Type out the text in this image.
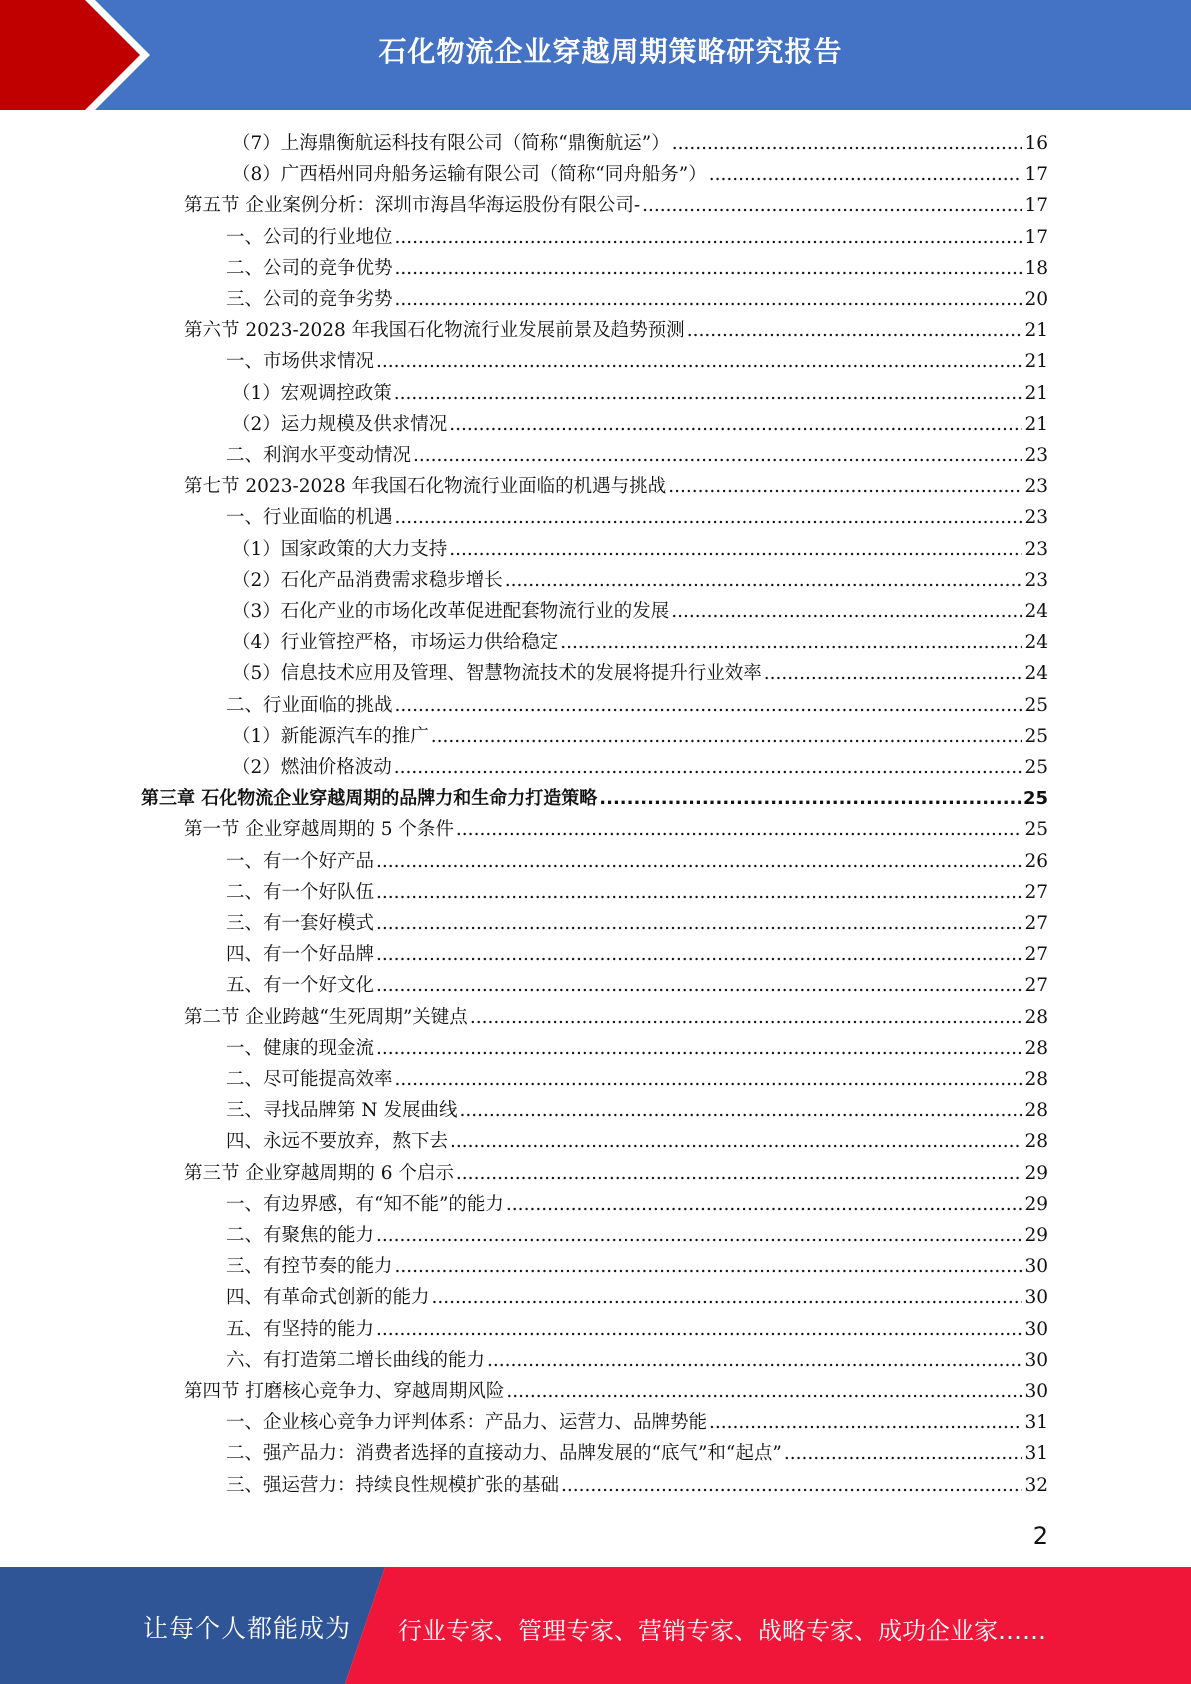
石化物流企业穿越周期策略研究报告
（7）上海鼎衡航运科技有限公司（简称“鼎衡航运”） .....	16
（8）广西梧州同舟船务运输有限公司（简称“同舟船务”） .....	17
第五节 企业案例分析：深圳市海昌华海运股份有限公司- .....	17
一、公司的行业地位 .....	17
二、公司的竞争优势 .....	18
三、公司的竞争劣势 .....	20
第六节 2023-2028 年我国石化物流行业发展前景及趋势预测 .....	21
一、市场供求情况 .....	21
（1）宏观调控政策 .....	21
（2）运力规模及供求情况 .....	21
二、利润水平变动情况 .....	23
第七节 2023-2028 年我国石化物流行业面临的机遇与挑战 .....	23
一、行业面临的机遇 .....	23
（1）国家政策的大力支持 .....	23
（2）石化产品消费需求稳步增长 .....	23
（3）石化产业的市场化改革促进配套物流行业的发展 .....	24
（4）行业管控严格，市场运力供给稳定 .....	24
（5）信息技术应用及管理、智慧物流技术的发展将提升行业效率 .....	24
二、行业面临的挑战 .....	25
（1）新能源汽车的推广 .....	25
（2）燃油价格波动 .....	25
第三章 石化物流企业穿越周期的品牌力和生命力打造策略 .....	25
第一节 企业穿越周期的 5 个条件 .....	25
一、有一个好产品 .....	26
二、有一个好队伍 .....	27
三、有一套好模式 .....	27
四、有一个好品牌 .....	27
五、有一个好文化 .....	27
第二节 企业跨越“生死周期”关键点 .....	28
一、健康的现金流 .....	28
二、尽可能提高效率 .....	28
三、寻找品牌第 N 发展曲线 .....	28
四、永远不要放弃，熬下去 .....	28
第三节 企业穿越周期的 6 个启示 .....	29
一、有边界感，有“知不能”的能力 .....	29
二、有聚焦的能力 .....	29
三、有控节奏的能力 .....	30
四、有革命式创新的能力 .....	30
五、有坚持的能力 .....	30
六、有打造第二增长曲线的能力 .....	30
第四节 打磨核心竞争力、穿越周期风险 .....	30
一、企业核心竞争力评判体系：产品力、运营力、品牌势能 .....	31
二、强产品力：消费者选择的直接动力、品牌发展的“底气”和“起点” .....	31
三、强运营力：持续良性规模扩张的基础 .....	32
2
让每个人都能成为 行业专家、管理专家、营销专家、战略专家、成功企业家……
